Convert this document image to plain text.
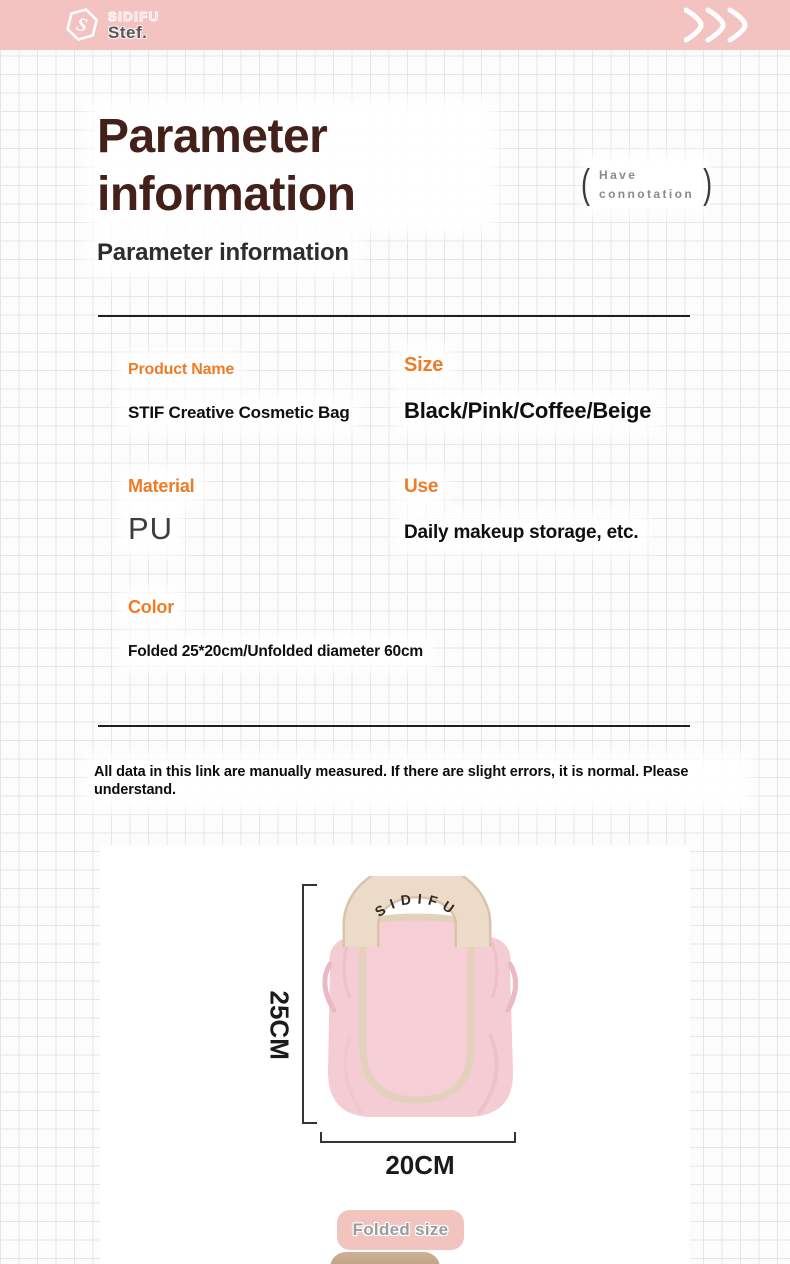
S SIDIFU
Stef.
Parameter information	( Have
connotation )
Parameter information
Product Name
STIF Creative Cosmetic Bag
Size
Black/Pink/Coffee/Beige
Material
PU
Use
Daily makeup storage, etc.
Color
Folded 25*20cm/Unfolded diameter 60cm

All data in this link are manually measured. If there are slight errors, it is normal. Please understand.

SIDIFU
25CM
20CM
Folded size
